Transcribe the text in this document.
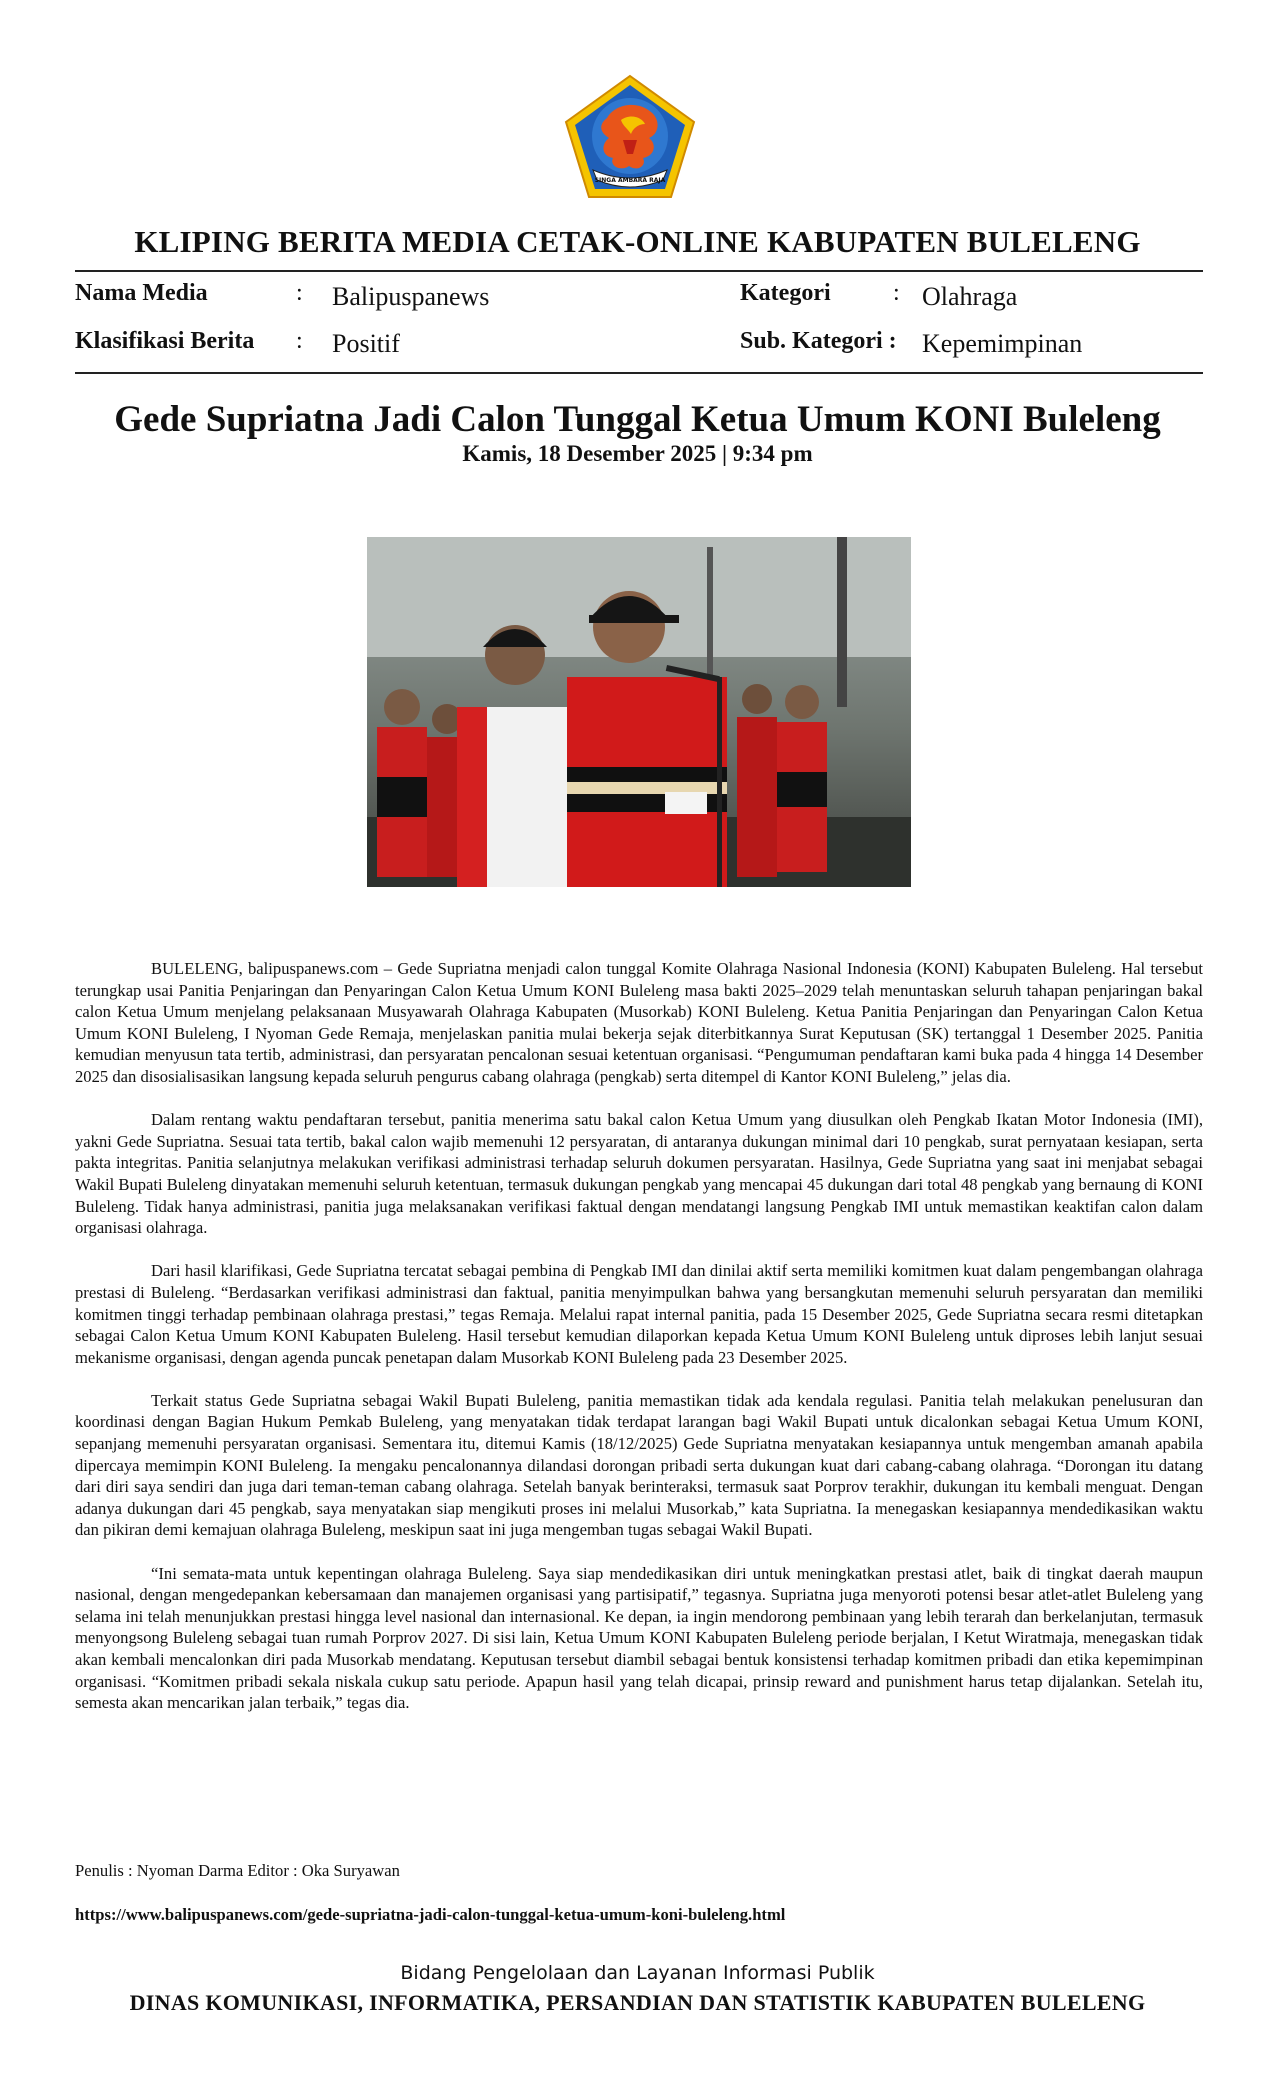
SINGA AMBARA RAJA
KLIPING BERITA MEDIA CETAK-ONLINE KABUPATEN BULELENG
Nama Media	: Balipuspanews	Kategori	: Olahraga
Klasifikasi Berita : Positif	Sub. Kategori : Kepemimpinan
Gede Supriatna Jadi Calon Tunggal Ketua Umum KONI Buleleng
Kamis, 18 Desember 2025 | 9:34 pm

BULELENG, balipuspanews.com – Gede Supriatna menjadi calon tunggal Komite Olahraga Nasional Indonesia (KONI) Kabupaten Buleleng. Hal tersebut terungkap usai Panitia Penjaringan dan Penyaringan Calon Ketua Umum KONI Buleleng masa bakti 2025–2029 telah menuntaskan seluruh tahapan penjaringan bakal calon Ketua Umum menjelang pelaksanaan Musyawarah Olahraga Kabupaten (Musorkab) KONI Buleleng. Ketua Panitia Penjaringan dan Penyaringan Calon Ketua Umum KONI Buleleng, I Nyoman Gede Remaja, menjelaskan panitia mulai bekerja sejak diterbitkannya Surat Keputusan (SK) tertanggal 1 Desember 2025. Panitia kemudian menyusun tata tertib, administrasi, dan persyaratan pencalonan sesuai ketentuan organisasi. “Pengumuman pendaftaran kami buka pada 4 hingga 14 Desember 2025 dan disosialisasikan langsung kepada seluruh pengurus cabang olahraga (pengkab) serta ditempel di Kantor KONI Buleleng,” jelas dia.

Dalam rentang waktu pendaftaran tersebut, panitia menerima satu bakal calon Ketua Umum yang diusulkan oleh Pengkab Ikatan Motor Indonesia (IMI), yakni Gede Supriatna. Sesuai tata tertib, bakal calon wajib memenuhi 12 persyaratan, di antaranya dukungan minimal dari 10 pengkab, surat pernyataan kesiapan, serta pakta integritas. Panitia selanjutnya melakukan verifikasi administrasi terhadap seluruh dokumen persyaratan. Hasilnya, Gede Supriatna yang saat ini menjabat sebagai Wakil Bupati Buleleng dinyatakan memenuhi seluruh ketentuan, termasuk dukungan pengkab yang mencapai 45 dukungan dari total 48 pengkab yang bernaung di KONI Buleleng. Tidak hanya administrasi, panitia juga melaksanakan verifikasi faktual dengan mendatangi langsung Pengkab IMI untuk memastikan keaktifan calon dalam organisasi olahraga.

Dari hasil klarifikasi, Gede Supriatna tercatat sebagai pembina di Pengkab IMI dan dinilai aktif serta memiliki komitmen kuat dalam pengembangan olahraga prestasi di Buleleng. “Berdasarkan verifikasi administrasi dan faktual, panitia menyimpulkan bahwa yang bersangkutan memenuhi seluruh persyaratan dan memiliki komitmen tinggi terhadap pembinaan olahraga prestasi,” tegas Remaja. Melalui rapat internal panitia, pada 15 Desember 2025, Gede Supriatna secara resmi ditetapkan sebagai Calon Ketua Umum KONI Kabupaten Buleleng. Hasil tersebut kemudian dilaporkan kepada Ketua Umum KONI Buleleng untuk diproses lebih lanjut sesuai mekanisme organisasi, dengan agenda puncak penetapan dalam Musorkab KONI Buleleng pada 23 Desember 2025.

Terkait status Gede Supriatna sebagai Wakil Bupati Buleleng, panitia memastikan tidak ada kendala regulasi. Panitia telah melakukan penelusuran dan koordinasi dengan Bagian Hukum Pemkab Buleleng, yang menyatakan tidak terdapat larangan bagi Wakil Bupati untuk dicalonkan sebagai Ketua Umum KONI, sepanjang memenuhi persyaratan organisasi. Sementara itu, ditemui Kamis (18/12/2025) Gede Supriatna menyatakan kesiapannya untuk mengemban amanah apabila dipercaya memimpin KONI Buleleng. Ia mengaku pencalonannya dilandasi dorongan pribadi serta dukungan kuat dari cabang-cabang olahraga. “Dorongan itu datang dari diri saya sendiri dan juga dari teman-teman cabang olahraga. Setelah banyak berinteraksi, termasuk saat Porprov terakhir, dukungan itu kembali menguat. Dengan adanya dukungan dari 45 pengkab, saya menyatakan siap mengikuti proses ini melalui Musorkab,” kata Supriatna. Ia menegaskan kesiapannya mendedikasikan waktu dan pikiran demi kemajuan olahraga Buleleng, meskipun saat ini juga mengemban tugas sebagai Wakil Bupati.

“Ini semata-mata untuk kepentingan olahraga Buleleng. Saya siap mendedikasikan diri untuk meningkatkan prestasi atlet, baik di tingkat daerah maupun nasional, dengan mengedepankan kebersamaan dan manajemen organisasi yang partisipatif,” tegasnya. Supriatna juga menyoroti potensi besar atlet-atlet Buleleng yang selama ini telah menunjukkan prestasi hingga level nasional dan internasional. Ke depan, ia ingin mendorong pembinaan yang lebih terarah dan berkelanjutan, termasuk menyongsong Buleleng sebagai tuan rumah Porprov 2027. Di sisi lain, Ketua Umum KONI Kabupaten Buleleng periode berjalan, I Ketut Wiratmaja, menegaskan tidak akan kembali mencalonkan diri pada Musorkab mendatang. Keputusan tersebut diambil sebagai bentuk konsistensi terhadap komitmen pribadi dan etika kepemimpinan organisasi. “Komitmen pribadi sekala niskala cukup satu periode. Apapun hasil yang telah dicapai, prinsip reward and punishment harus tetap dijalankan. Setelah itu, semesta akan mencarikan jalan terbaik,” tegas dia.

Penulis : Nyoman Darma Editor : Oka Suryawan
https://www.balipuspanews.com/gede-supriatna-jadi-calon-tunggal-ketua-umum-koni-buleleng.html
Bidang Pengelolaan dan Layanan Informasi Publik
DINAS KOMUNIKASI, INFORMATIKA, PERSANDIAN DAN STATISTIK KABUPATEN BULELENG
